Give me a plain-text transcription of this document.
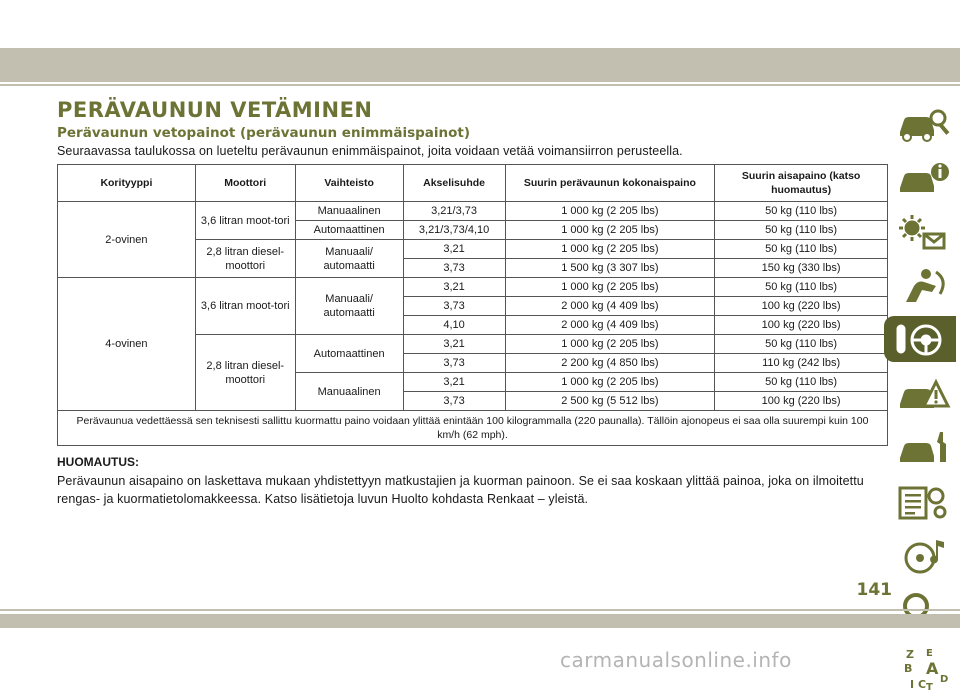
PERÄVAUNUN VETÄMINEN
Perävaunun vetopainot (perävaunun enimmäispainot)

Seuraavassa taulukossa on lueteltu perävaunun enimmäispainot, joita voidaan vetää voimansiirron perusteella.

Korityyppi	Moottori	Vaihteisto	Akselisuhde	Suurin perävaunun kokonaispaino	Suurin aisapaino (katso huomautus)
2-ovinen	3,6 litran moot-tori	Manuaalinen	3,21/3,73	1 000 kg (2 205 lbs)	50 kg (110 lbs)
		Automaattinen	3,21/3,73/4,10	1 000 kg (2 205 lbs)	50 kg (110 lbs)
	2,8 litran diesel-moottori	Manuaali/ automaatti	3,21	1 000 kg (2 205 lbs)	50 kg (110 lbs)
			3,73	1 500 kg (3 307 lbs)	150 kg (330 lbs)
4-ovinen	3,6 litran moot-tori	Manuaali/ automaatti	3,21	1 000 kg (2 205 lbs)	50 kg (110 lbs)
			3,73	2 000 kg (4 409 lbs)	100 kg (220 lbs)
			4,10	2 000 kg (4 409 lbs)	100 kg (220 lbs)
	2,8 litran diesel-moottori	Automaattinen	3,21	1 000 kg (2 205 lbs)	50 kg (110 lbs)
			3,73	2 200 kg (4 850 lbs)	110 kg (242 lbs)
		Manuaalinen	3,21	1 000 kg (2 205 lbs)	50 kg (110 lbs)
			3,73	2 500 kg (5 512 lbs)	100 kg (220 lbs)
Perävaunua vedettäessä sen teknisesti sallittu kuormattu paino voidaan ylittää enintään 100 kilogrammalla (220 paunalla). Tällöin ajonopeus ei saa olla suurempi kuin 100 km/h (62 mph).					
HUOMAUTUS:
Perävaunun aisapaino on laskettava mukaan yhdistettyyn matkustajien ja kuorman painoon. Se ei saa koskaan ylittää painoa, joka on ilmoitettu rengas- ja kuormatietolomakkeessa. Katso lisätietoja luvun Huolto kohdasta Renkaat – yleistä.
Z E
B A
I C T
D
141
carmanualsonline.info
